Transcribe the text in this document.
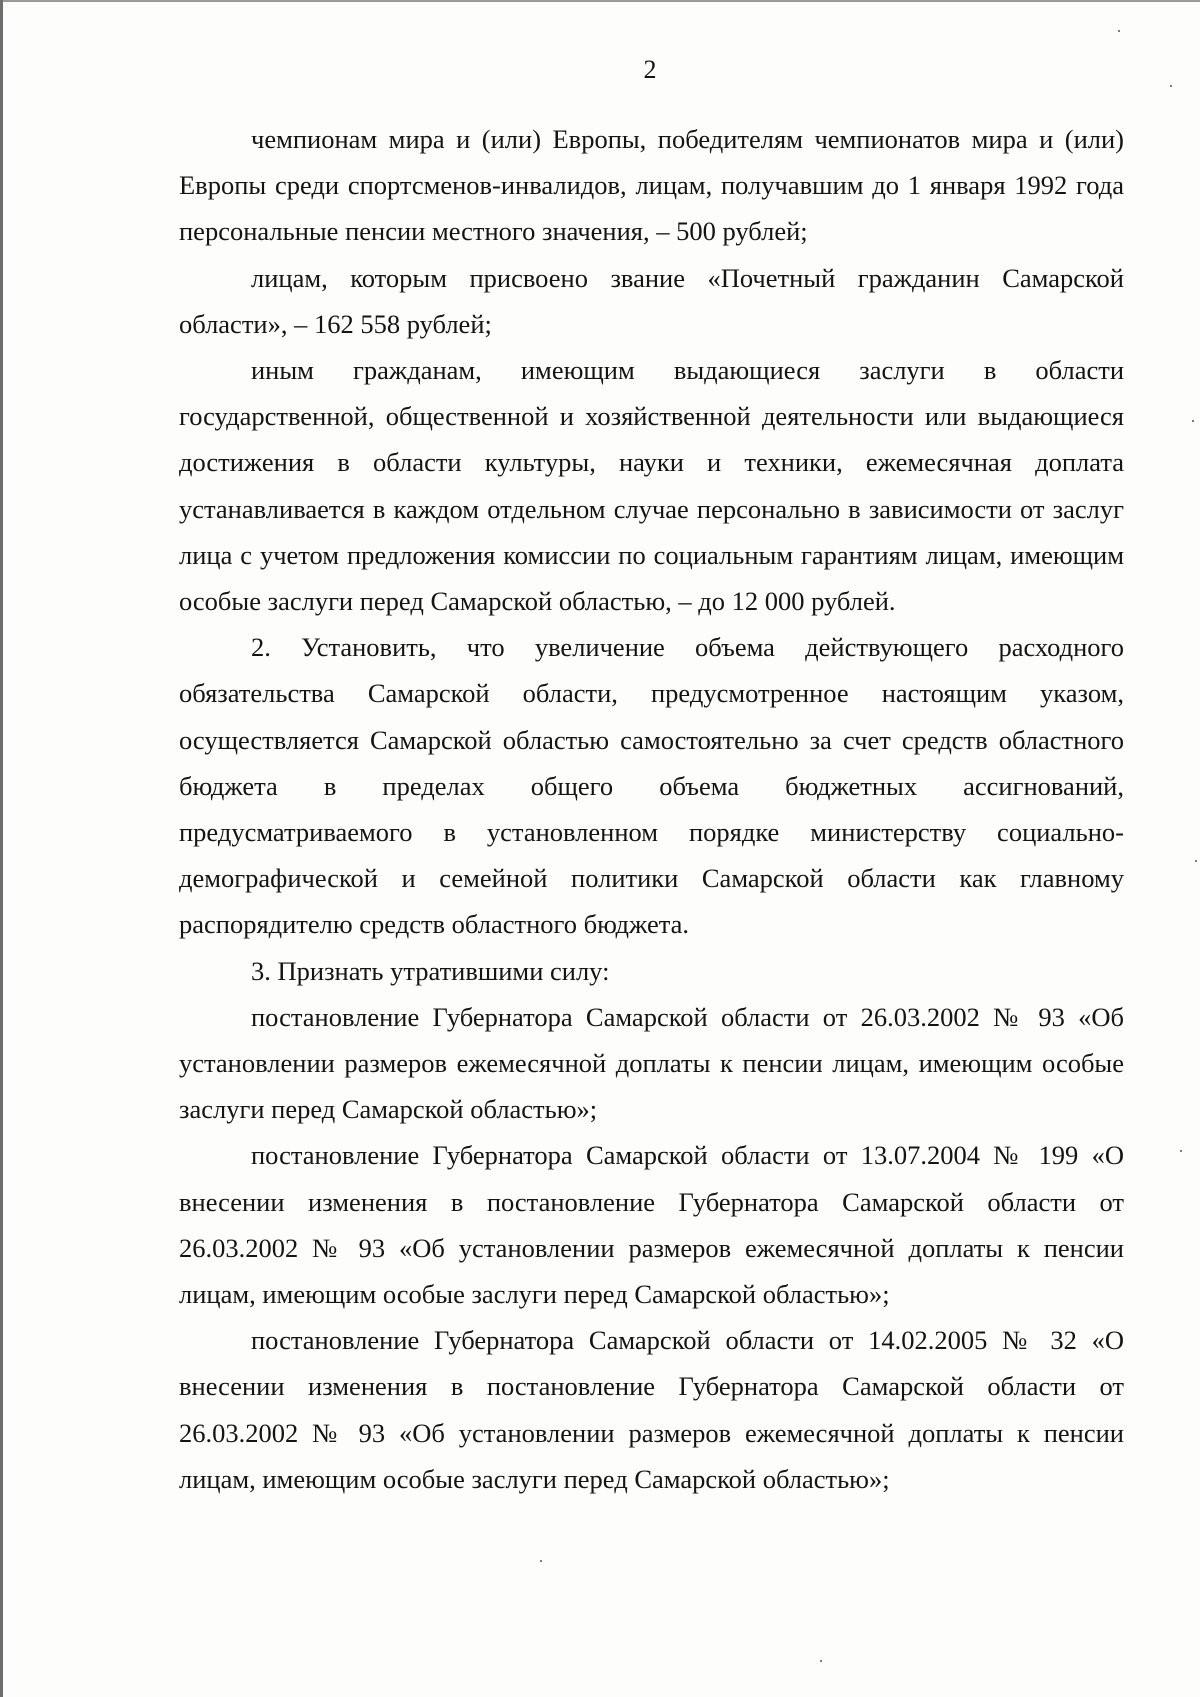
2

чемпионам мира и (или) Европы, победителям чемпионатов мира и (или) Европы среди спортсменов-инвалидов, лицам, получавшим до 1 января 1992 года персональные пенсии местного значения, – 500 рублей;

лицам, которым присвоено звание «Почетный гражданин Самарской области», – 162 558 рублей;

иным гражданам, имеющим выдающиеся заслуги в области государственной, общественной и хозяйственной деятельности или выдающиеся достижения в области культуры, науки и техники, ежемесячная доплата устанавливается в каждом отдельном случае персонально в зависимости от заслуг лица с учетом предложения комиссии по социальным гарантиям лицам, имеющим особые заслуги перед Самарской областью, – до 12 000 рублей.

2. Установить, что увеличение объема действующего расходного обязательства Самарской области, предусмотренное настоящим указом, осуществляется Самарской областью самостоятельно за счет средств областного бюджета в пределах общего объема бюджетных ассигнований, предусматриваемого в установленном порядке министерству социально-демографической и семейной политики Самарской области как главному распорядителю средств областного бюджета.

3. Признать утратившими силу:

постановление Губернатора Самарской области от 26.03.2002 № 93 «Об установлении размеров ежемесячной доплаты к пенсии лицам, имеющим особые заслуги перед Самарской областью»;

постановление Губернатора Самарской области от 13.07.2004 № 199 «О внесении изменения в постановление Губернатора Самарской области от 26.03.2002 № 93 «Об установлении размеров ежемесячной доплаты к пенсии лицам, имеющим особые заслуги перед Самарской областью»;

постановление Губернатора Самарской области от 14.02.2005 № 32 «О внесении изменения в постановление Губернатора Самарской области от 26.03.2002 № 93 «Об установлении размеров ежемесячной доплаты к пенсии лицам, имеющим особые заслуги перед Самарской областью»;
